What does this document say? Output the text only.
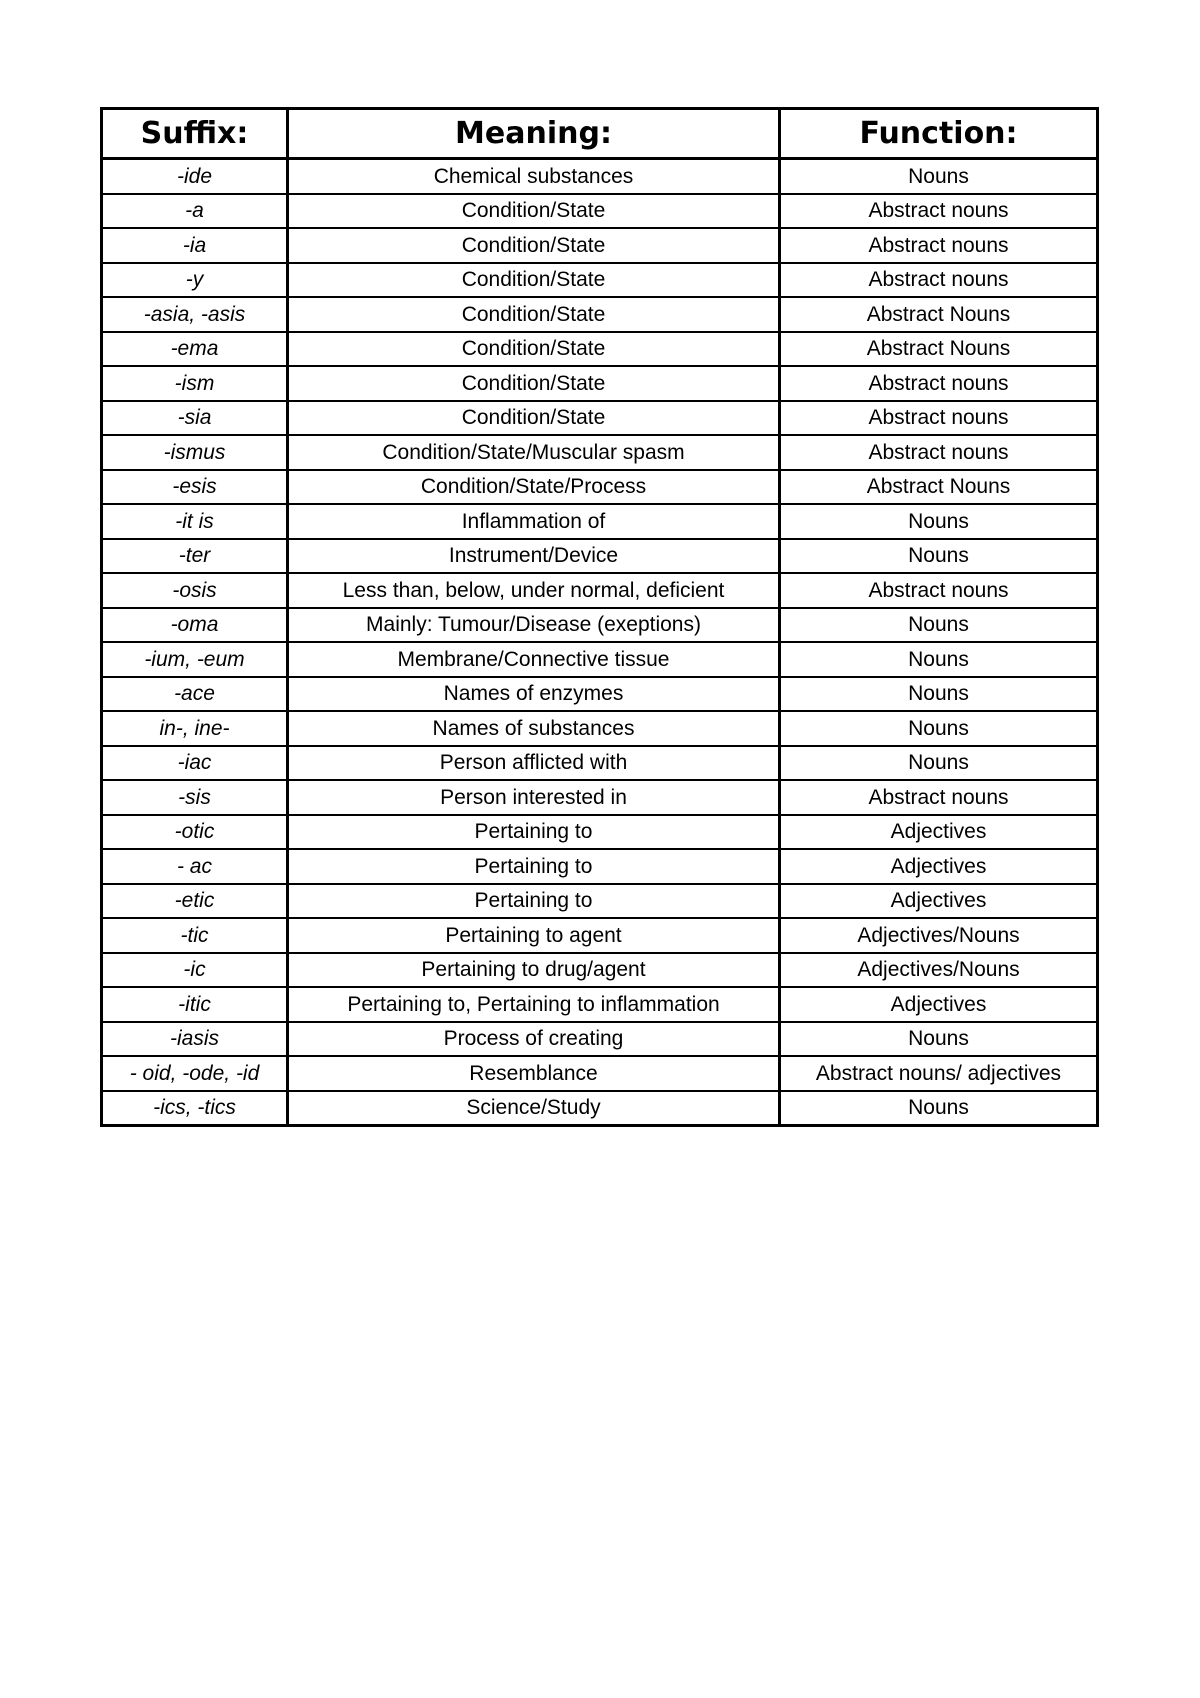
Suffix:	Meaning:	Function:
-ide	Chemical substances	Nouns
-a	Condition/State	Abstract nouns
-ia	Condition/State	Abstract nouns
-y	Condition/State	Abstract nouns
-asia, -asis	Condition/State	Abstract Nouns
-ema	Condition/State	Abstract Nouns
-ism	Condition/State	Abstract nouns
-sia	Condition/State	Abstract nouns
-ismus	Condition/State/Muscular spasm	Abstract nouns
-esis	Condition/State/Process	Abstract Nouns
-it is	Inflammation of	Nouns
-ter	Instrument/Device	Nouns
-osis	Less than, below, under normal, deficient	Abstract nouns
-oma	Mainly: Tumour/Disease (exeptions)	Nouns
-ium, -eum	Membrane/Connective tissue	Nouns
-ace	Names of enzymes	Nouns
in-, ine-	Names of substances	Nouns
-iac	Person afflicted with	Nouns
-sis	Person interested in	Abstract nouns
-otic	Pertaining to	Adjectives
- ac	Pertaining to	Adjectives
-etic	Pertaining to	Adjectives
-tic	Pertaining to agent	Adjectives/Nouns
-ic	Pertaining to drug/agent	Adjectives/Nouns
-itic	Pertaining to, Pertaining to inflammation	Adjectives
-iasis	Process of creating	Nouns
- oid, -ode, -id	Resemblance	Abstract nouns/ adjectives
-ics, -tics	Science/Study	Nouns
